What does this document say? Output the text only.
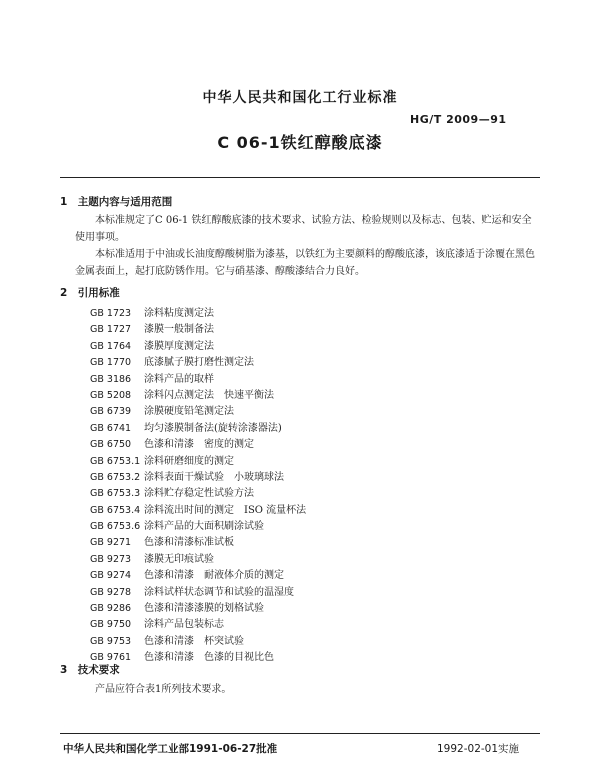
中华人民共和国化工行业标准
HG/T 2009—91
C 06-1铁红醇酸底漆
1　主题内容与适用范围
本标准规定了C 06-1 铁红醇酸底漆的技术要求、试验方法、检验规则以及标志、包装、贮运和安全使用事项。
本标准适用于中油或长油度醇酸树脂为漆基，以铁红为主要颜料的醇酸底漆，该底漆适于涂覆在黑色金属表面上，起打底防锈作用。它与硝基漆、醇酸漆结合力良好。
2　引用标准
GB 1723 涂料粘度测定法
GB 1727 漆膜一般制备法
GB 1764 漆膜厚度测定法
GB 1770 底漆腻子膜打磨性测定法
GB 3186 涂料产品的取样
GB 5208 涂料闪点测定法　快速平衡法
GB 6739 涂膜硬度铅笔测定法
GB 6741 均匀漆膜制备法(旋转涂漆器法)
GB 6750 色漆和清漆　密度的测定
GB 6753.1 涂料研磨细度的测定
GB 6753.2 涂料表面干燥试验　小玻璃球法
GB 6753.3 涂料贮存稳定性试验方法
GB 6753.4 涂料流出时间的测定　ISO 流量杯法
GB 6753.6 涂料产品的大面积刷涂试验
GB 9271 色漆和清漆标准试板
GB 9273 漆膜无印痕试验
GB 9274 色漆和清漆　耐液体介质的测定
GB 9278 涂料试样状态调节和试验的温湿度
GB 9286 色漆和清漆漆膜的划格试验
GB 9750 涂料产品包装标志
GB 9753 色漆和清漆　杯突试验
GB 9761 色漆和清漆　色漆的目视比色
3　技术要求
产品应符合表1所列技术要求。
中华人民共和国化学工业部1991-06-27批准	1992-02-01实施
